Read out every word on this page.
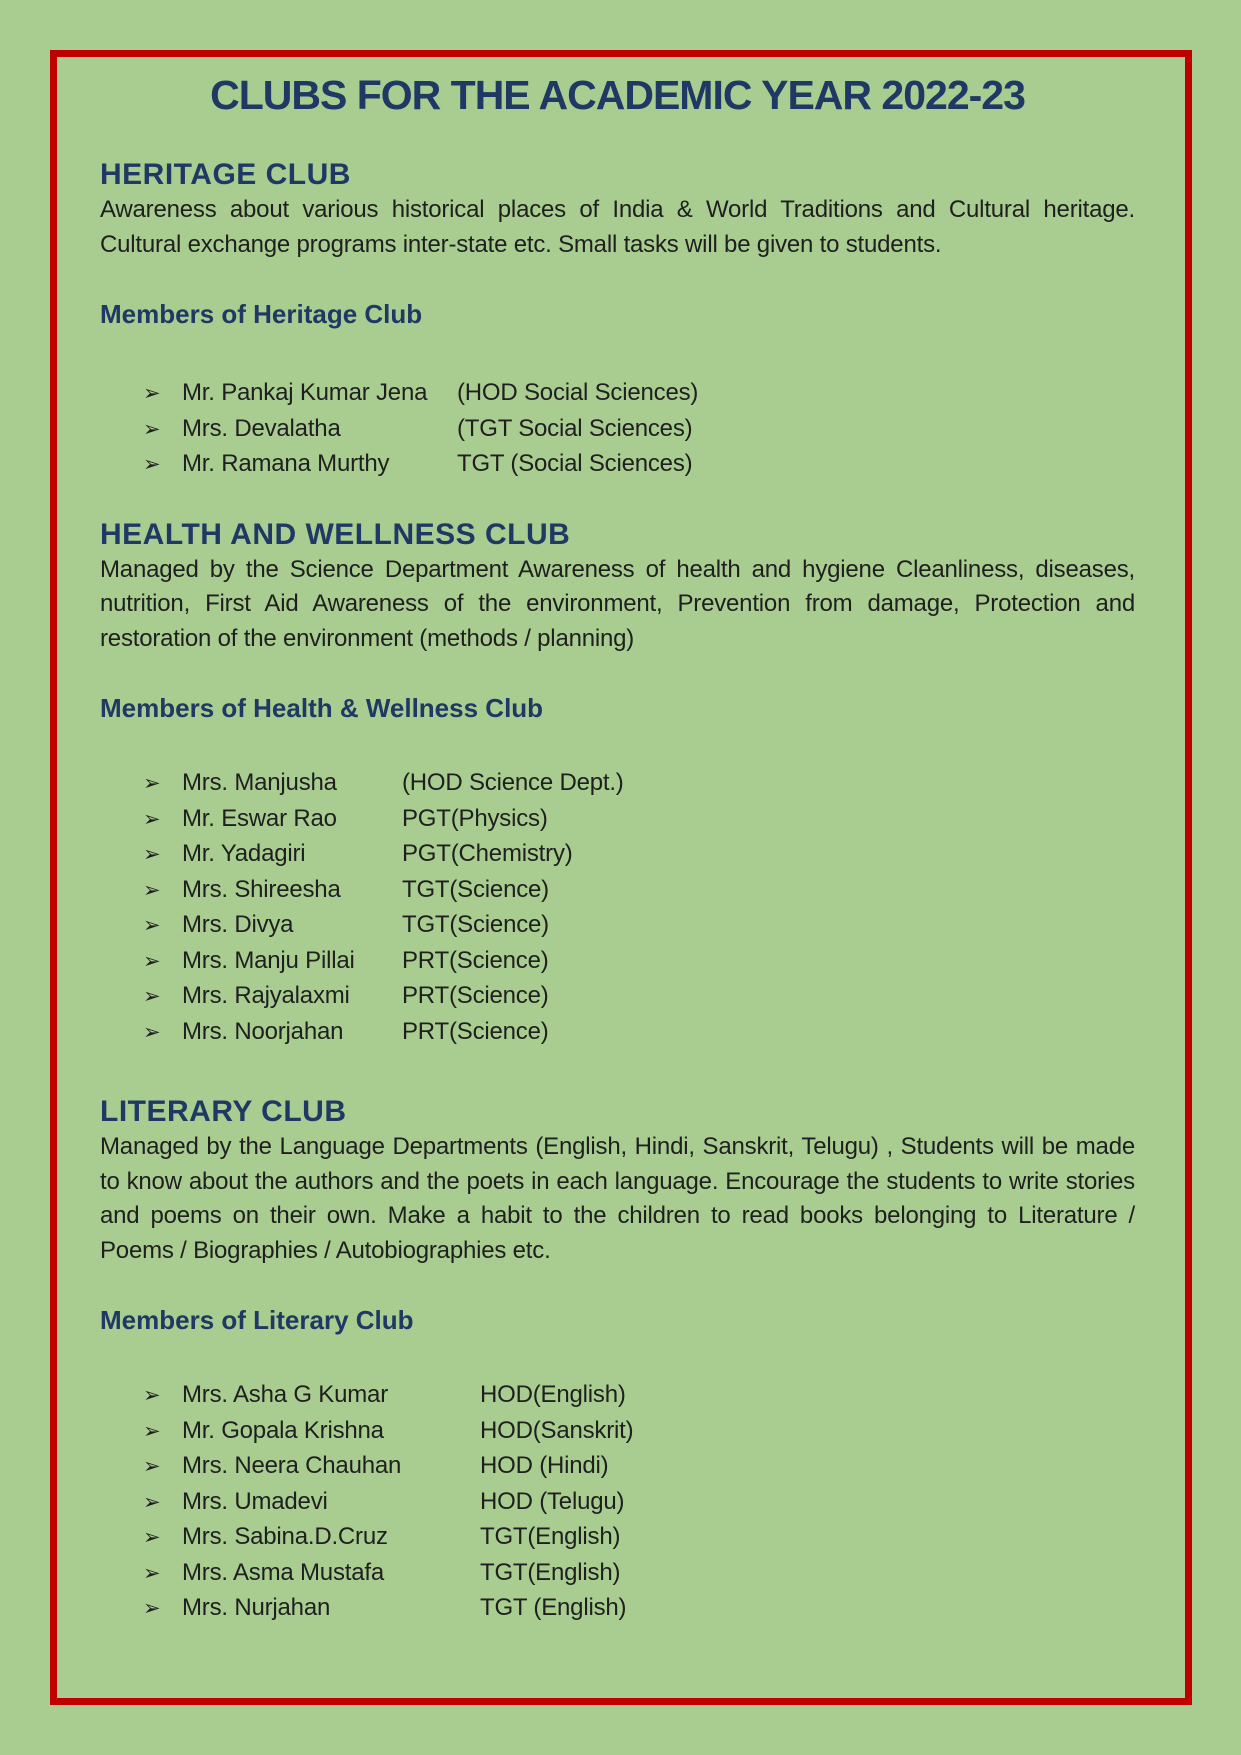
CLUBS FOR THE ACADEMIC YEAR 2022-23
HERITAGE CLUB

Awareness about various historical places of India & World Traditions and Cultural heritage. Cultural exchange programs inter-state etc. Small tasks will be given to students.

Members of Heritage Club
➢ Mr. Pankaj Kumar Jena	(HOD Social Sciences)
➢ Mrs. Devalatha	(TGT Social Sciences)
➢ Mr. Ramana Murthy	TGT (Social Sciences)
HEALTH AND WELLNESS CLUB

Managed by the Science Department Awareness of health and hygiene Cleanliness, diseases, nutrition, First Aid Awareness of the environment, Prevention from damage, Protection and restoration of the environment (methods / planning)

Members of Health & Wellness Club
➢ Mrs. Manjusha	(HOD Science Dept.)
➢ Mr. Eswar Rao	PGT(Physics)
➢ Mr. Yadagiri	PGT(Chemistry)
➢ Mrs. Shireesha	TGT(Science)
➢ Mrs. Divya	TGT(Science)
➢ Mrs. Manju Pillai	PRT(Science)
➢ Mrs. Rajyalaxmi	PRT(Science)
➢ Mrs. Noorjahan	PRT(Science)
LITERARY CLUB

Managed by the Language Departments (English, Hindi, Sanskrit, Telugu) , Students will be made to know about the authors and the poets in each language. Encourage the students to write stories and poems on their own. Make a habit to the children to read books belonging to Literature / Poems / Biographies / Autobiographies etc.

Members of Literary Club
➢ Mrs. Asha G Kumar	HOD(English)
➢ Mr. Gopala Krishna	HOD(Sanskrit)
➢ Mrs. Neera Chauhan	HOD (Hindi)
➢ Mrs. Umadevi	HOD (Telugu)
➢ Mrs. Sabina.D.Cruz	TGT(English)
➢ Mrs. Asma Mustafa	TGT(English)
➢ Mrs. Nurjahan	TGT (English)
